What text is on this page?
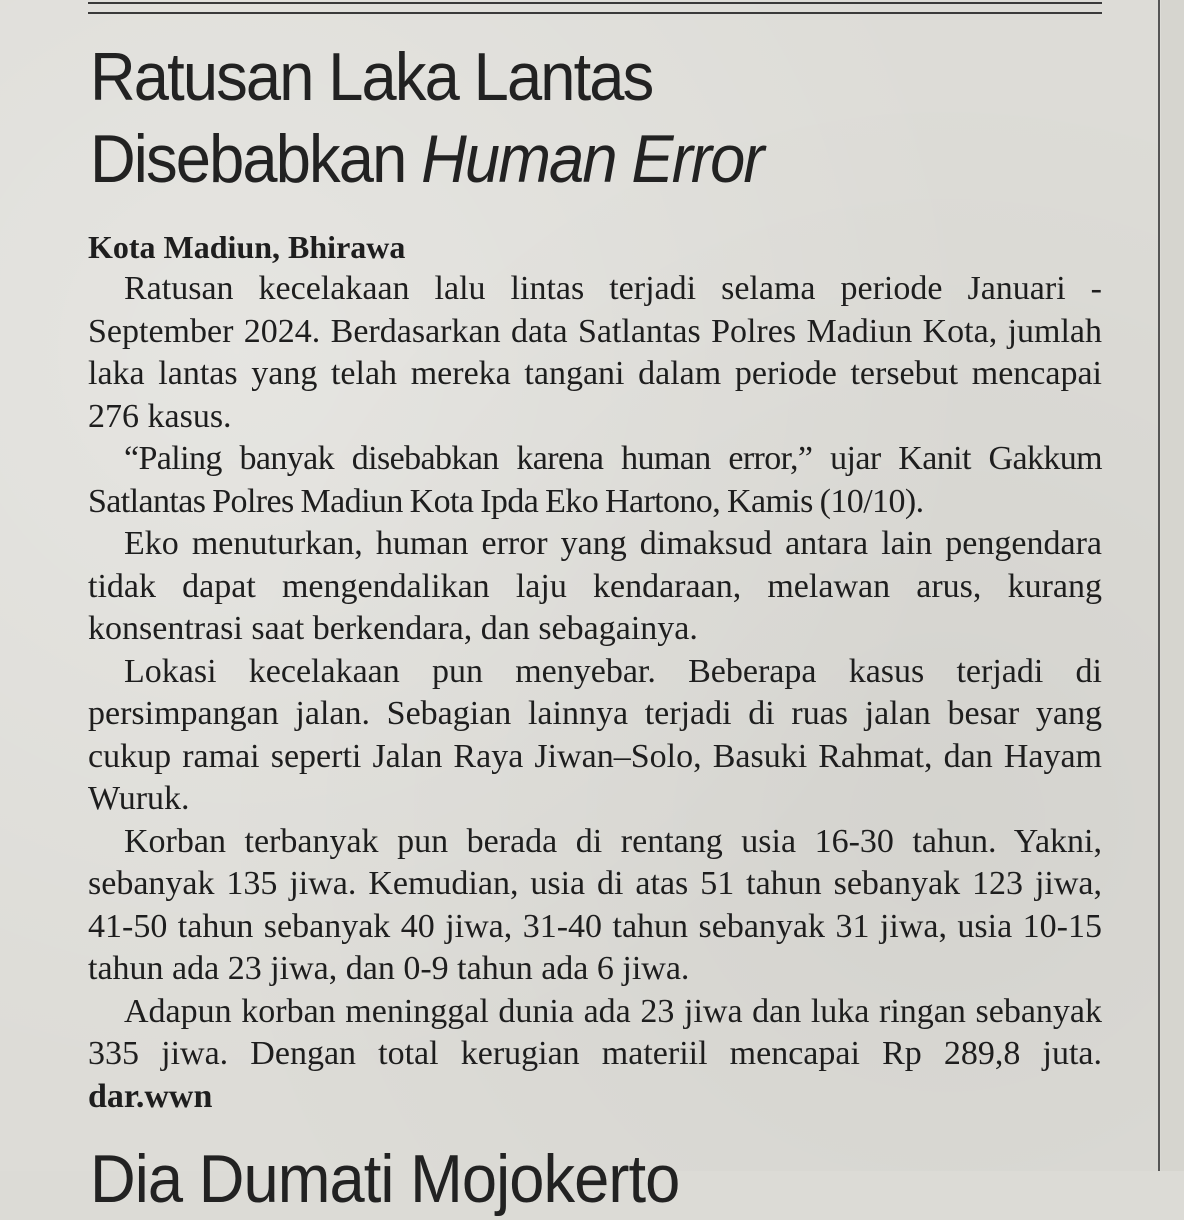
Ratusan Laka Lantas
Disebabkan Human Error

Kota Madiun, Bhirawa

Ratusan kecelakaan lalu lintas terjadi selama periode Januari - September 2024. Berdasarkan data Satlantas Polres Madiun Kota, jumlah laka lantas yang telah mereka tangani dalam periode tersebut mencapai 276 kasus.

“Paling banyak disebabkan karena human error,” ujar Kanit Gakkum Satlantas Polres Madiun Kota Ipda Eko Hartono, Kamis (10/10).

Eko menuturkan, human error yang dimaksud antara lain pengendara tidak dapat mengendalikan laju kendaraan, melawan arus, kurang konsentrasi saat berkendara, dan sebagainya.

Lokasi kecelakaan pun menyebar. Beberapa kasus terjadi di persimpangan jalan. Sebagian lainnya terjadi di ruas jalan besar yang cukup ramai seperti Jalan Raya Jiwan–Solo, Basuki Rahmat, dan Hayam Wuruk.

Korban terbanyak pun berada di rentang usia 16-30 tahun. Yakni, sebanyak 135 jiwa. Kemudian, usia di atas 51 tahun sebanyak 123 jiwa, 41-50 tahun sebanyak 40 jiwa, 31-40 tahun sebanyak 31 jiwa, usia 10-15 tahun ada 23 jiwa, dan 0-9 tahun ada 6 jiwa.

Adapun korban meninggal dunia ada 23 jiwa dan luka ringan sebanyak 335 jiwa. Dengan total kerugian materiil mencapai Rp 289,8 juta. dar.wwn

Dia Dumati Mojokerto
